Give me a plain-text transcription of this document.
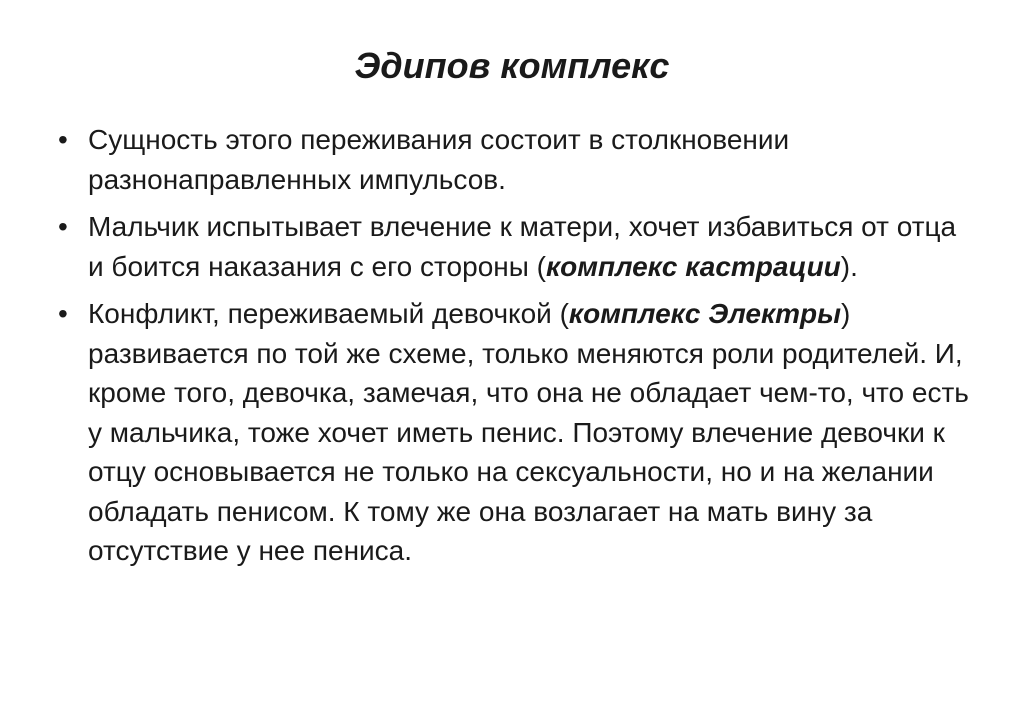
Эдипов комплекс
• Сущность этого переживания состоит в столкновении разнонаправленных импульсов.
• Мальчик испытывает влечение к матери, хочет избавиться от отца и боится наказания с его стороны (комплекс кастрации).
• Конфликт, переживаемый девочкой (комплекс Электры) развивается по той же схеме, только меняются роли родителей. И, кроме того, девочка, замечая, что она не обладает чем-то, что есть у мальчика, тоже хочет иметь пенис. Поэтому влечение девочки к отцу основывается не только на сексуальности, но и на желании обладать пенисом. К тому же она возлагает на мать вину за отсутствие у нее пениса.
